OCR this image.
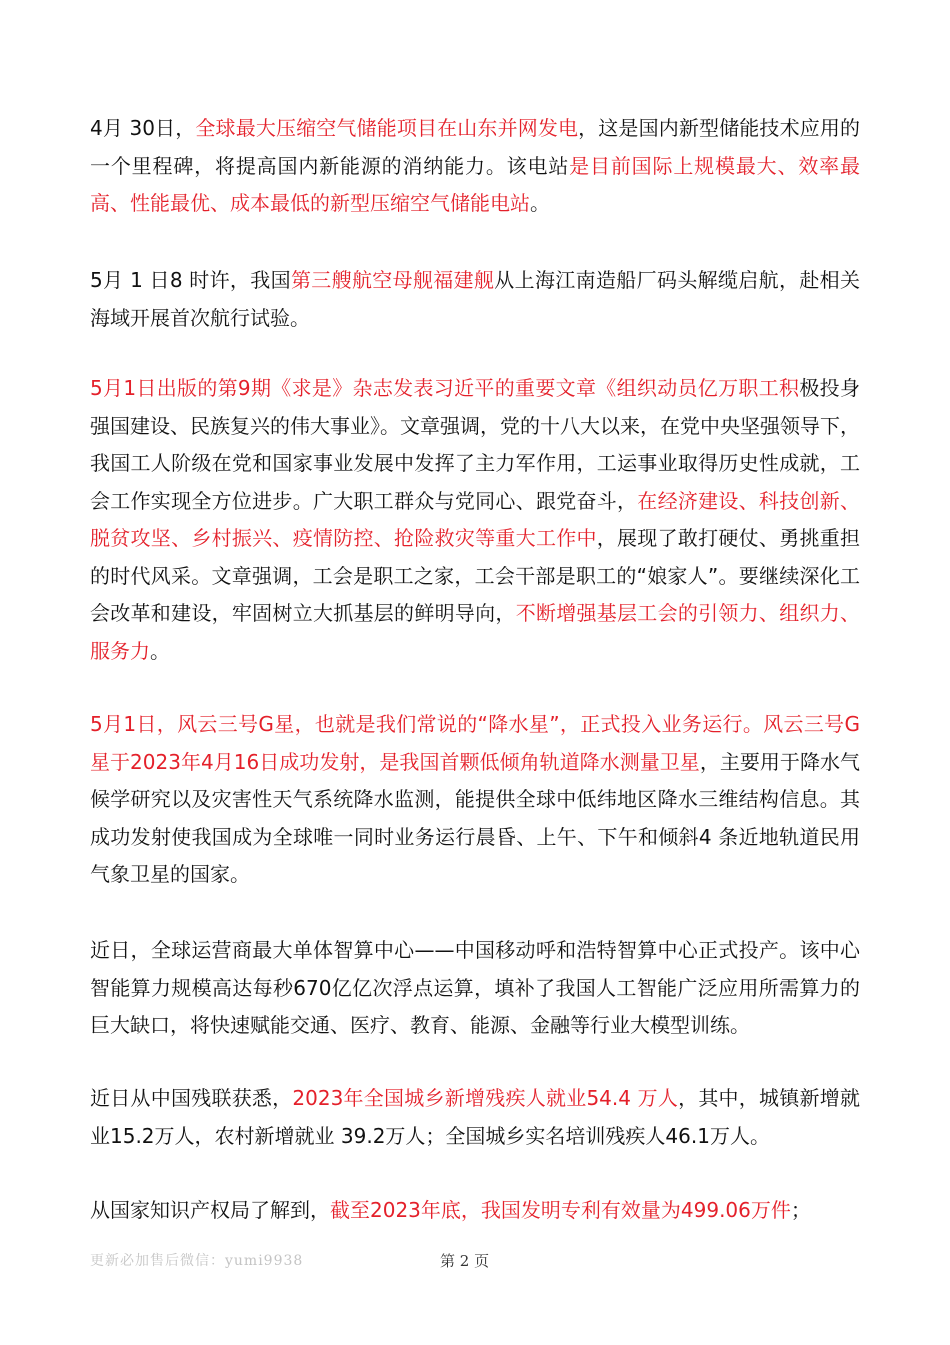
4月 30日，全球最大压缩空气储能项目在山东并网发电，这是国内新型储能技术应用的一个里程碑，将提高国内新能源的消纳能力。该电站是目前国际上规模最大、效率最高、性能最优、成本最低的新型压缩空气储能电站。

5月 1 日8 时许，我国第三艘航空母舰福建舰从上海江南造船厂码头解缆启航，赴相关海域开展首次航行试验。

5月1日出版的第9期《求是》杂志发表习近平的重要文章《组织动员亿万职工积极投身强国建设、民族复兴的伟大事业》。文章强调，党的十八大以来，在党中央坚强领导下，我国工人阶级在党和国家事业发展中发挥了主力军作用，工运事业取得历史性成就，工会工作实现全方位进步。广大职工群众与党同心、跟党奋斗，在经济建设、科技创新、脱贫攻坚、乡村振兴、疫情防控、抢险救灾等重大工作中，展现了敢打硬仗、勇挑重担的时代风采。文章强调，工会是职工之家，工会干部是职工的“娘家人”。要继续深化工会改革和建设，牢固树立大抓基层的鲜明导向，不断增强基层工会的引领力、组织力、服务力。

5月1日，风云三号G星，也就是我们常说的“降水星”，正式投入业务运行。风云三号G星于2023年4月16日成功发射，是我国首颗低倾角轨道降水测量卫星，主要用于降水气候学研究以及灾害性天气系统降水监测，能提供全球中低纬地区降水三维结构信息。其成功发射使我国成为全球唯一同时业务运行晨昏、上午、下午和倾斜4 条近地轨道民用气象卫星的国家。

近日，全球运营商最大单体智算中心——中国移动呼和浩特智算中心正式投产。该中心智能算力规模高达每秒670亿亿次浮点运算，填补了我国人工智能广泛应用所需算力的巨大缺口，将快速赋能交通、医疗、教育、能源、金融等行业大模型训练。

近日从中国残联获悉，2023年全国城乡新增残疾人就业54.4 万人，其中，城镇新增就业15.2万人，农村新增就业 39.2万人；全国城乡实名培训残疾人46.1万人。

从国家知识产权局了解到，截至2023年底，我国发明专利有效量为499.06万件；

更新必加售后微信：yumi9938	第 2 页
